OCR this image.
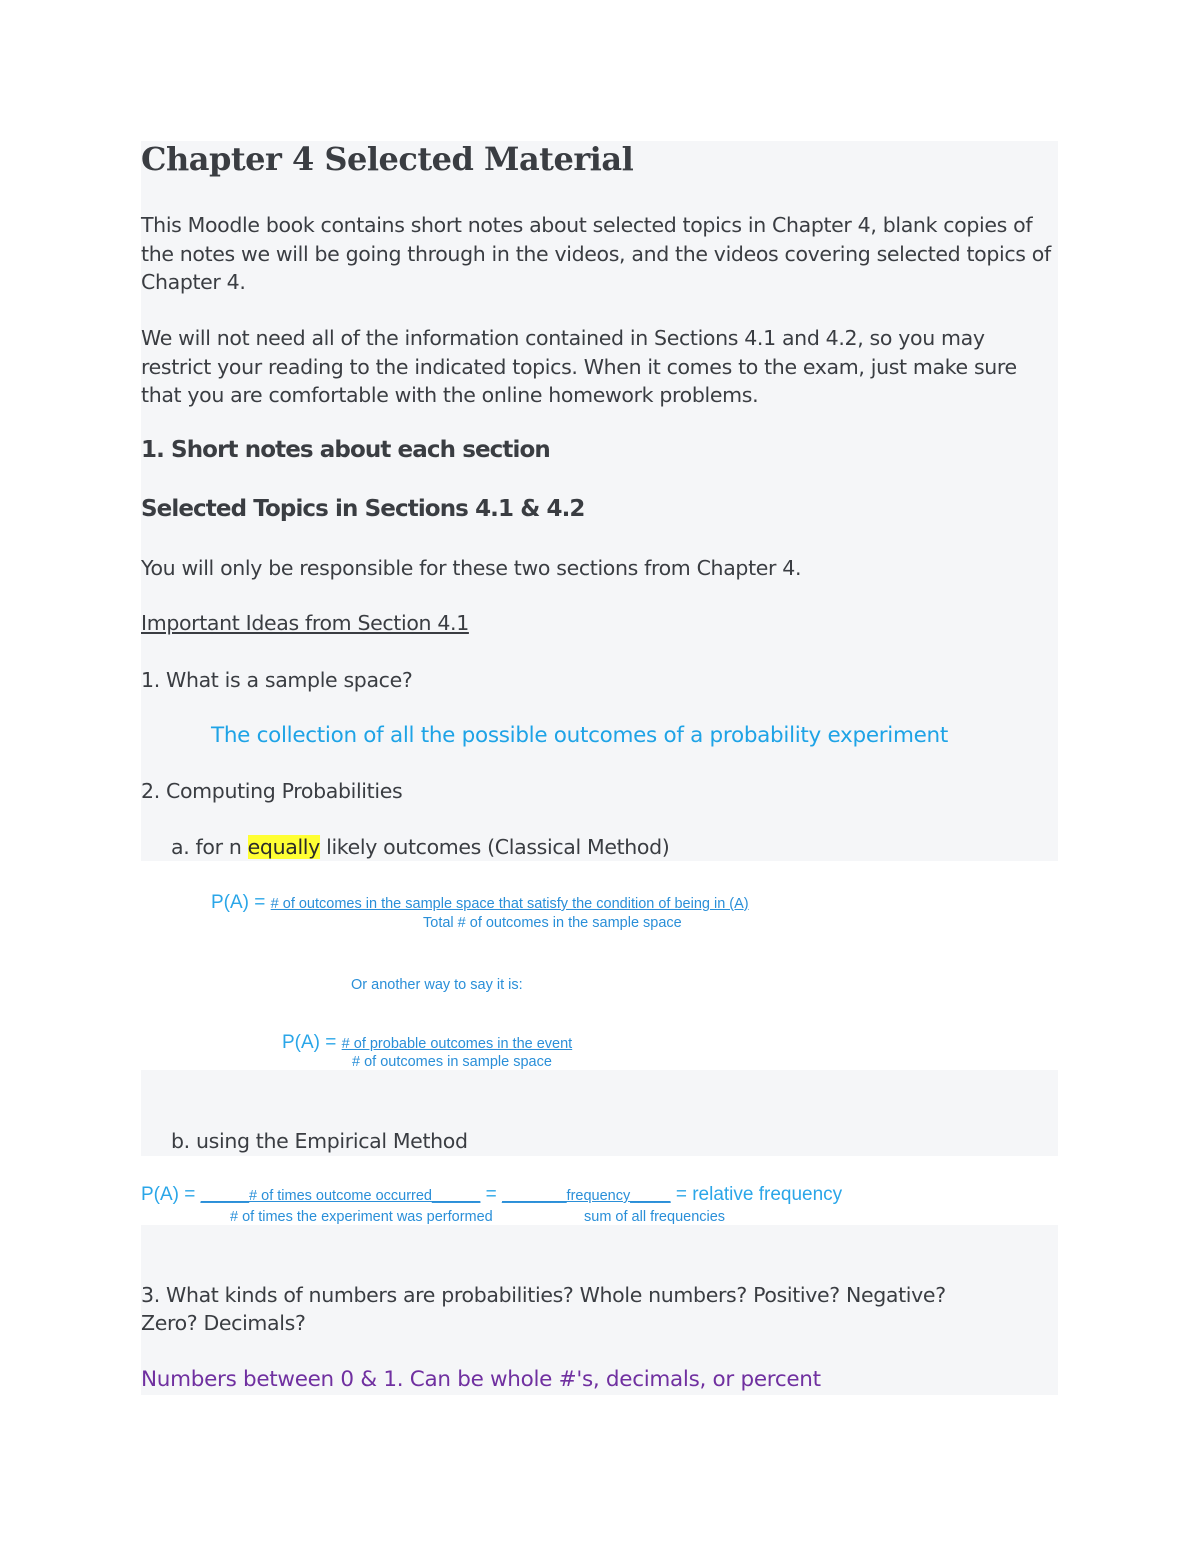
Chapter 4 Selected Material
This Moodle book contains short notes about selected topics in Chapter 4, blank copies of the notes we will be going through in the videos, and the videos covering selected topics of Chapter 4.
We will not need all of the information contained in Sections 4.1 and 4.2, so you may restrict your reading to the indicated topics. When it comes to the exam, just make sure that you are comfortable with the online homework problems.
1. Short notes about each section
Selected Topics in Sections 4.1 & 4.2
You will only be responsible for these two sections from Chapter 4.
Important Ideas from Section 4.1
1. What is a sample space?
The collection of all the possible outcomes of a probability experiment
2. Computing Probabilities
a. for n equally likely outcomes (Classical Method)
P(A) = # of outcomes in the sample space that satisfy the condition of being in (A)
Total # of outcomes in the sample space
Or another way to say it is:
P(A) = # of probable outcomes in the event
# of outcomes in sample space
b. using the Empirical Method
P(A) = ______# of times outcome occurred______ = ________frequency_____ = relative frequency
# of times the experiment was performed	sum of all frequencies
3. What kinds of numbers are probabilities? Whole numbers? Positive? Negative?
Zero? Decimals?
Numbers between 0 & 1. Can be whole #'s, decimals, or percent
